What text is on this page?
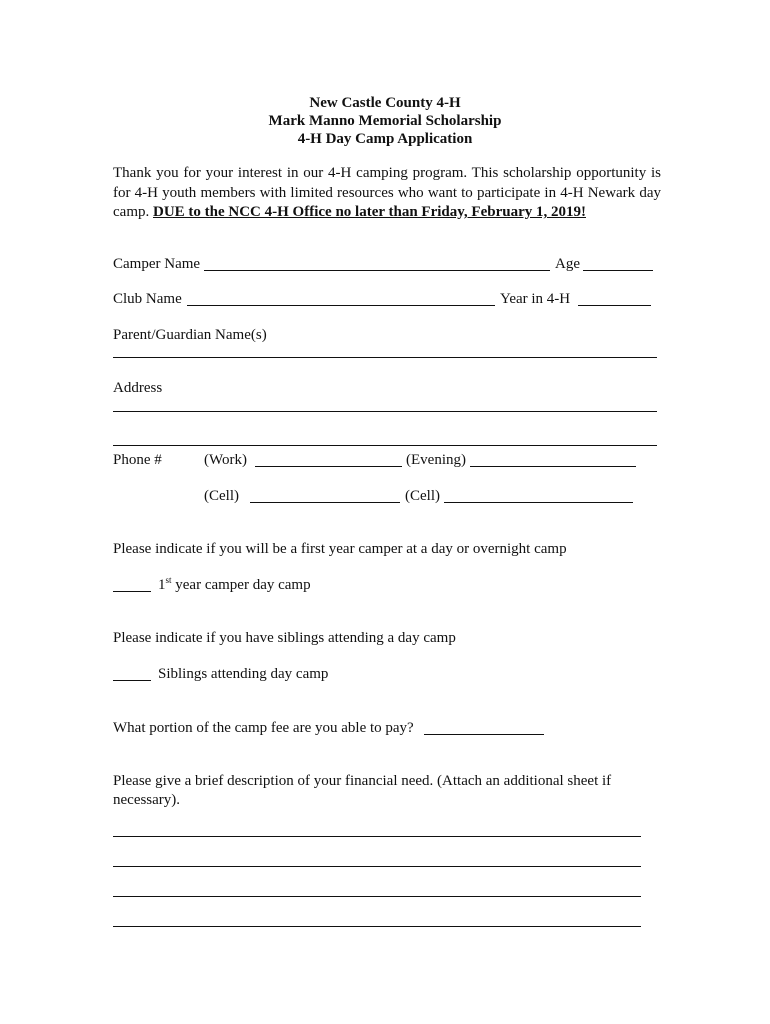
New Castle County 4-H
Mark Manno Memorial Scholarship
4-H Day Camp Application
Thank you for your interest in our 4-H camping program. This scholarship opportunity is for 4-H youth members with limited resources who want to participate in 4-H Newark day camp. DUE to the NCC 4-H Office no later than Friday, February 1, 2019!
Camper Name	Age
Club Name	Year in 4-H
Parent/Guardian Name(s)
Address
Phone #	(Work)	(Evening)
(Cell)	(Cell)
Please indicate if you will be a first year camper at a day or overnight camp
1st year camper day camp
Please indicate if you have siblings attending a day camp
Siblings attending day camp
What portion of the camp fee are you able to pay?
Please give a brief description of your financial need. (Attach an additional sheet if necessary).
